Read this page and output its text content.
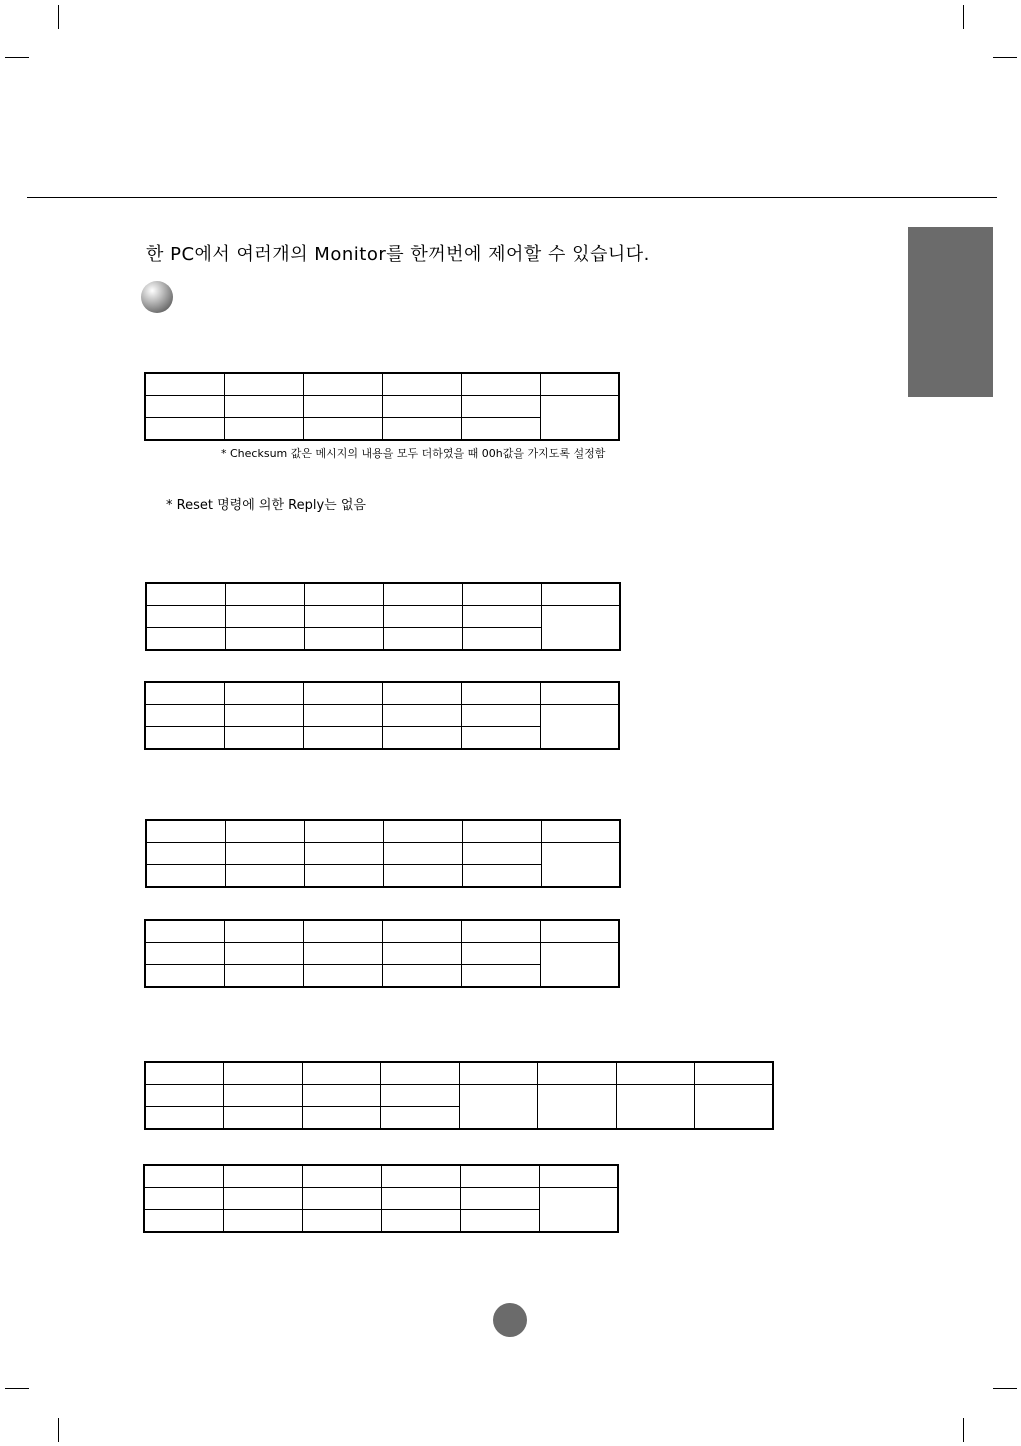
한 PC에서 여러개의 Monitor를 한꺼번에 제어할 수 있습니다.

* Checksum 값은 메시지의 내용을 모두 더하였을 때 00h값을 가지도록 설정함
* Reset 명령에 의한 Reply는 없음
